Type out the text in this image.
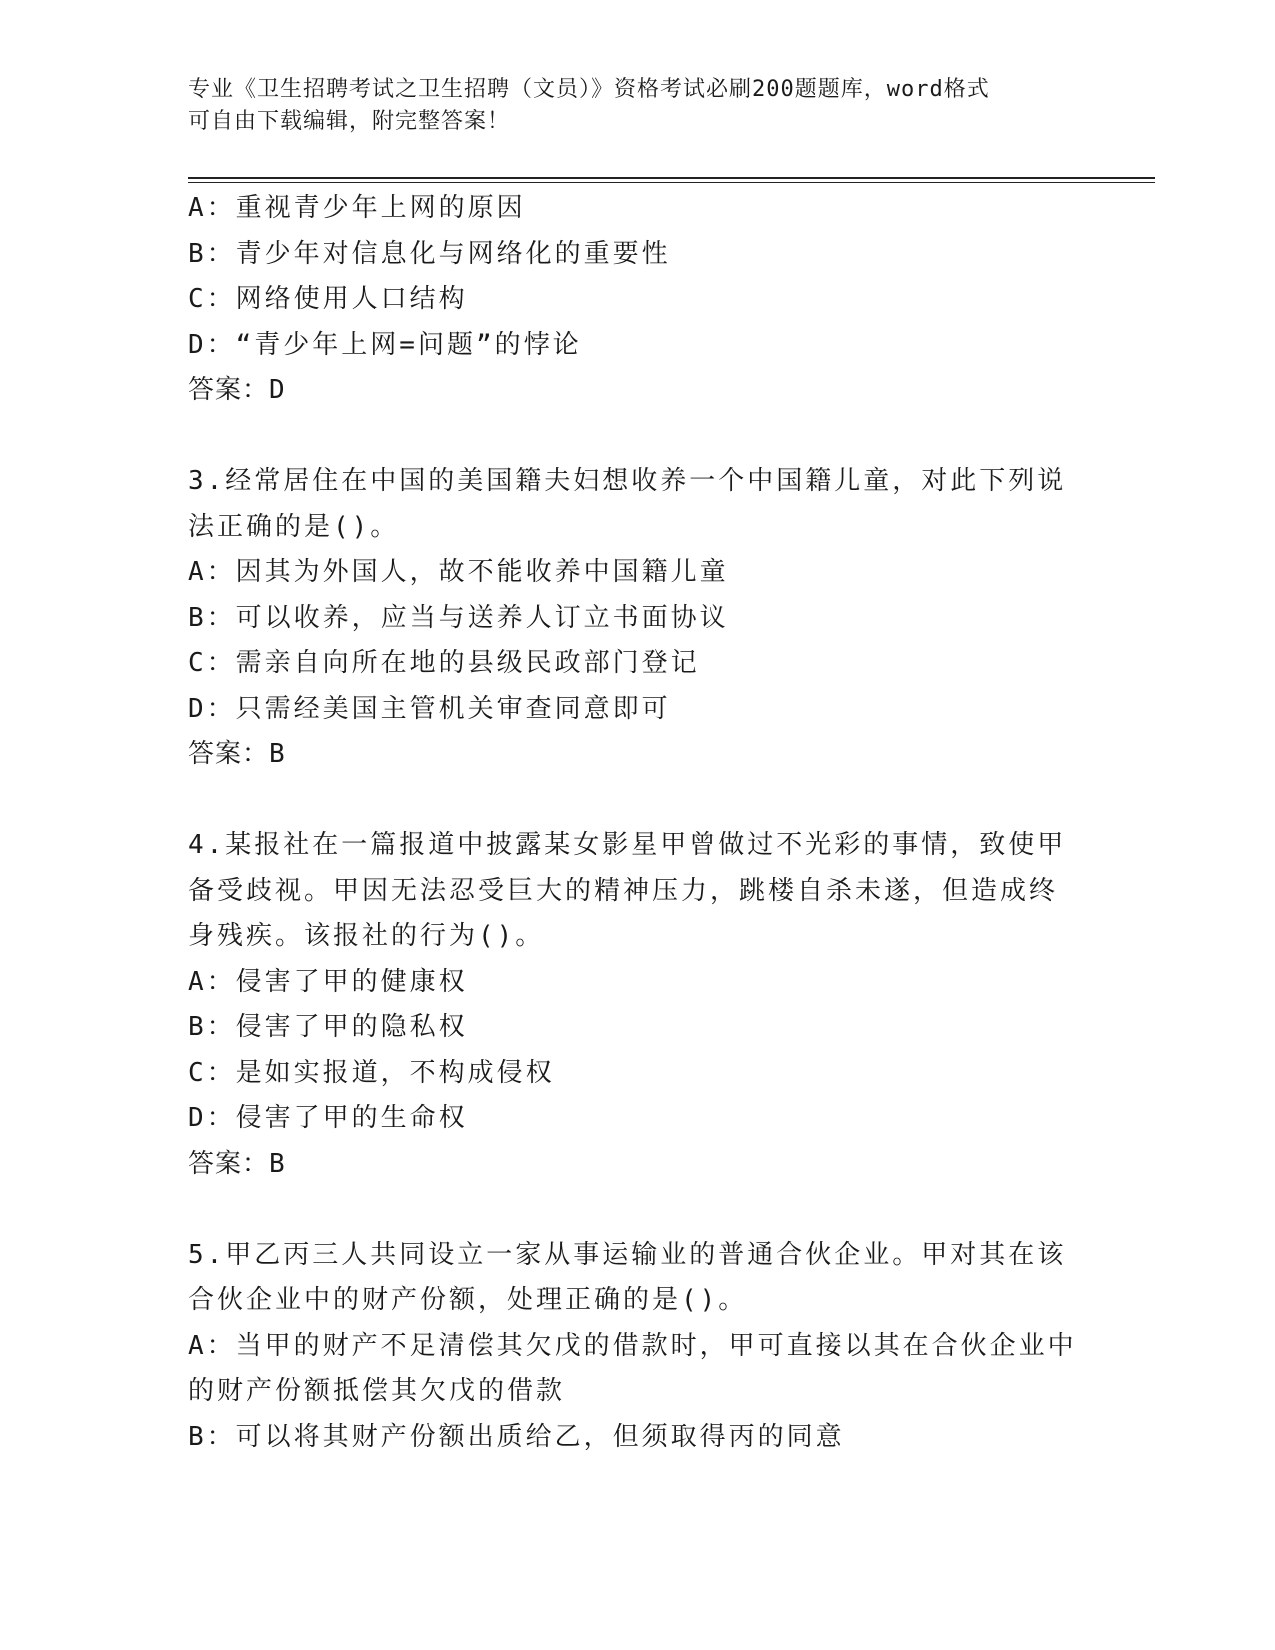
专业《卫生招聘考试之卫生招聘（文员）》资格考试必刷200题题库，word格式
可自由下载编辑，附完整答案！
A：重视青少年上网的原因
B：青少年对信息化与网络化的重要性
C：网络使用人口结构
D：“青少年上网=问题”的悖论
答案：D
3.经常居住在中国的美国籍夫妇想收养一个中国籍儿童，对此下列说
法正确的是()。
A：因其为外国人，故不能收养中国籍儿童
B：可以收养，应当与送养人订立书面协议
C：需亲自向所在地的县级民政部门登记
D：只需经美国主管机关审查同意即可
答案：B
4.某报社在一篇报道中披露某女影星甲曾做过不光彩的事情，致使甲
备受歧视。甲因无法忍受巨大的精神压力，跳楼自杀未遂，但造成终
身残疾。该报社的行为()。
A：侵害了甲的健康权
B：侵害了甲的隐私权
C：是如实报道，不构成侵权
D：侵害了甲的生命权
答案：B
5.甲乙丙三人共同设立一家从事运输业的普通合伙企业。甲对其在该
合伙企业中的财产份额，处理正确的是()。
A：当甲的财产不足清偿其欠戊的借款时，甲可直接以其在合伙企业中
的财产份额抵偿其欠戊的借款
B：可以将其财产份额出质给乙，但须取得丙的同意
